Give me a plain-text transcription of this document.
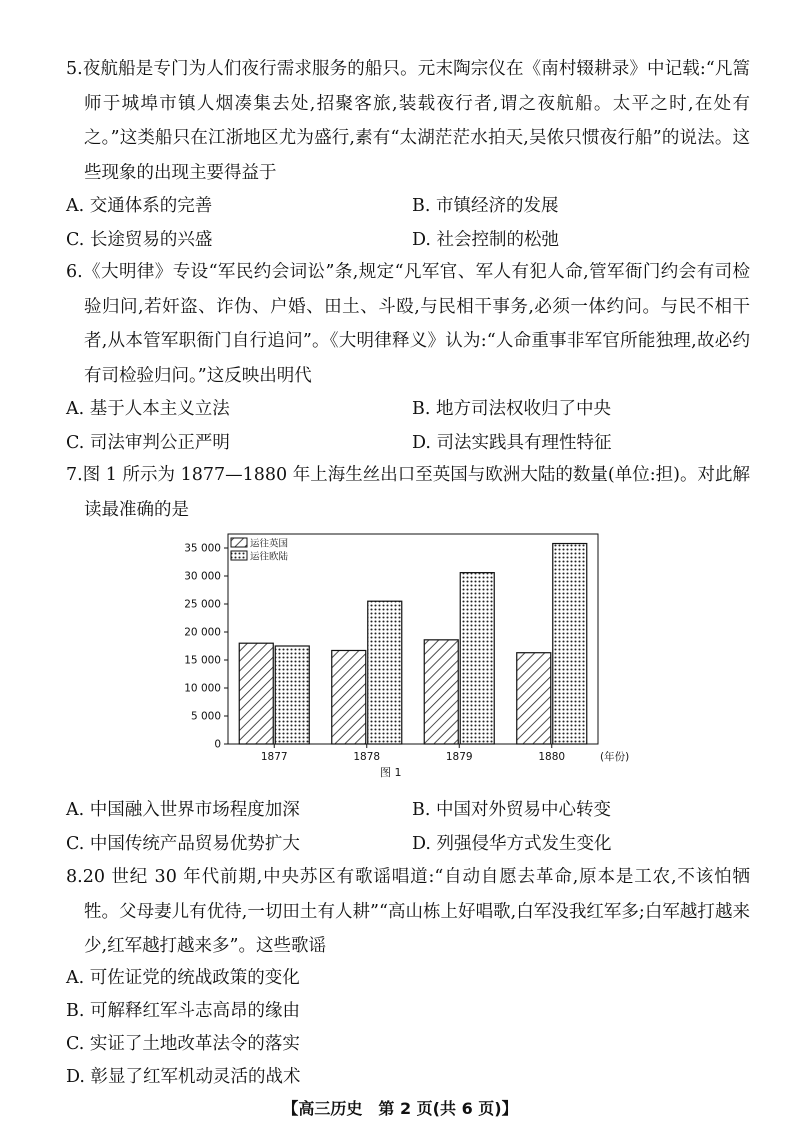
5.夜航船是专门为人们夜行需求服务的船只。元末陶宗仪在《南村辍耕录》中记载:“凡篙师于城埠市镇人烟凑集去处,招聚客旅,装载夜行者,谓之夜航船。太平之时,在处有之。”这类船只在江浙地区尤为盛行,素有“太湖茫茫水拍天,吴侬只惯夜行船”的说法。这些现象的出现主要得益于
A. 交通体系的完善	B. 市镇经济的发展
C. 长途贸易的兴盛	D. 社会控制的松弛
6.《大明律》专设“军民约会词讼”条,规定“凡军官、军人有犯人命,管军衙门约会有司检验归问,若奸盗、诈伪、户婚、田土、斗殴,与民相干事务,必须一体约问。与民不相干者,从本管军职衙门自行追问”。《大明律释义》认为:“人命重事非军官所能独理,故必约有司检验归问。”这反映出明代
A. 基于人本主义立法	B. 地方司法权收归了中央
C. 司法审判公正严明	D. 司法实践具有理性特征
7.图 1 所示为 1877—1880 年上海生丝出口至英国与欧洲大陆的数量(单位:担)。对此解读最准确的是
0
5 000
10 000
15 000
20 000
25 000
30 000
35 000
1877	1878	1879	1880	(年份)
运往英国
运往欧陆
图 1
A. 中国融入世界市场程度加深	B. 中国对外贸易中心转变
C. 中国传统产品贸易优势扩大	D. 列强侵华方式发生变化
8.20 世纪 30 年代前期,中央苏区有歌谣唱道:“自动自愿去革命,原本是工农,不该怕牺牲。父母妻儿有优待,一切田土有人耕”“高山栋上好唱歌,白军没我红军多;白军越打越来少,红军越打越来多”。这些歌谣
A. 可佐证党的统战政策的变化
B. 可解释红军斗志高昂的缘由
C. 实证了土地改革法令的落实
D. 彰显了红军机动灵活的战术
【高三历史　第 2 页(共 6 页)】
